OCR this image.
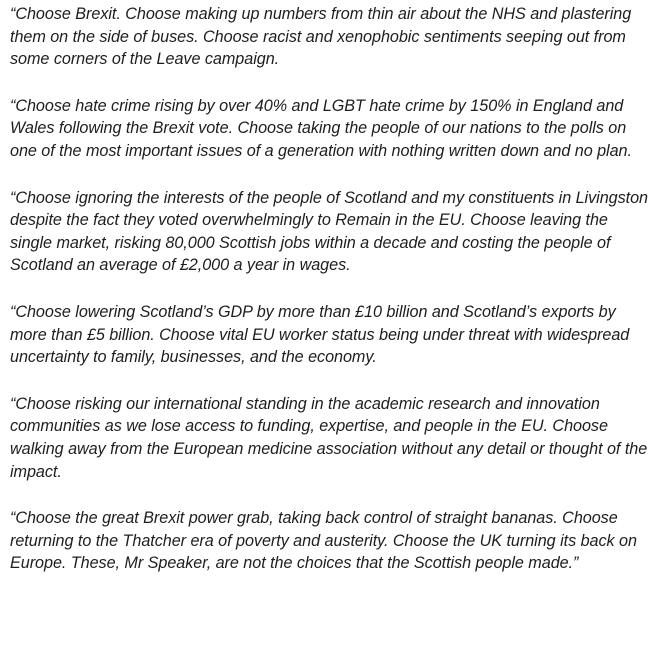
“Choose Brexit. Choose making up numbers from thin air about the NHS and plastering them on the side of buses. Choose racist and xenophobic sentiments seeping out from some corners of the Leave campaign.

“Choose hate crime rising by over 40% and LGBT hate crime by 150% in England and Wales following the Brexit vote. Choose taking the people of our nations to the polls on one of the most important issues of a generation with nothing written down and no plan.

“Choose ignoring the interests of the people of Scotland and my constituents in Livingston despite the fact they voted overwhelmingly to Remain in the EU. Choose leaving the single market, risking 80,000 Scottish jobs within a decade and costing the people of Scotland an average of £2,000 a year in wages.

“Choose lowering Scotland’s GDP by more than £10 billion and Scotland’s exports by more than £5 billion. Choose vital EU worker status being under threat with widespread uncertainty to family, businesses, and the economy.

“Choose risking our international standing in the academic research and innovation communities as we lose access to funding, expertise, and people in the EU. Choose walking away from the European medicine association without any detail or thought of the impact.

“Choose the great Brexit power grab, taking back control of straight bananas. Choose returning to the Thatcher era of poverty and austerity. Choose the UK turning its back on Europe. These, Mr Speaker, are not the choices that the Scottish people made.”
